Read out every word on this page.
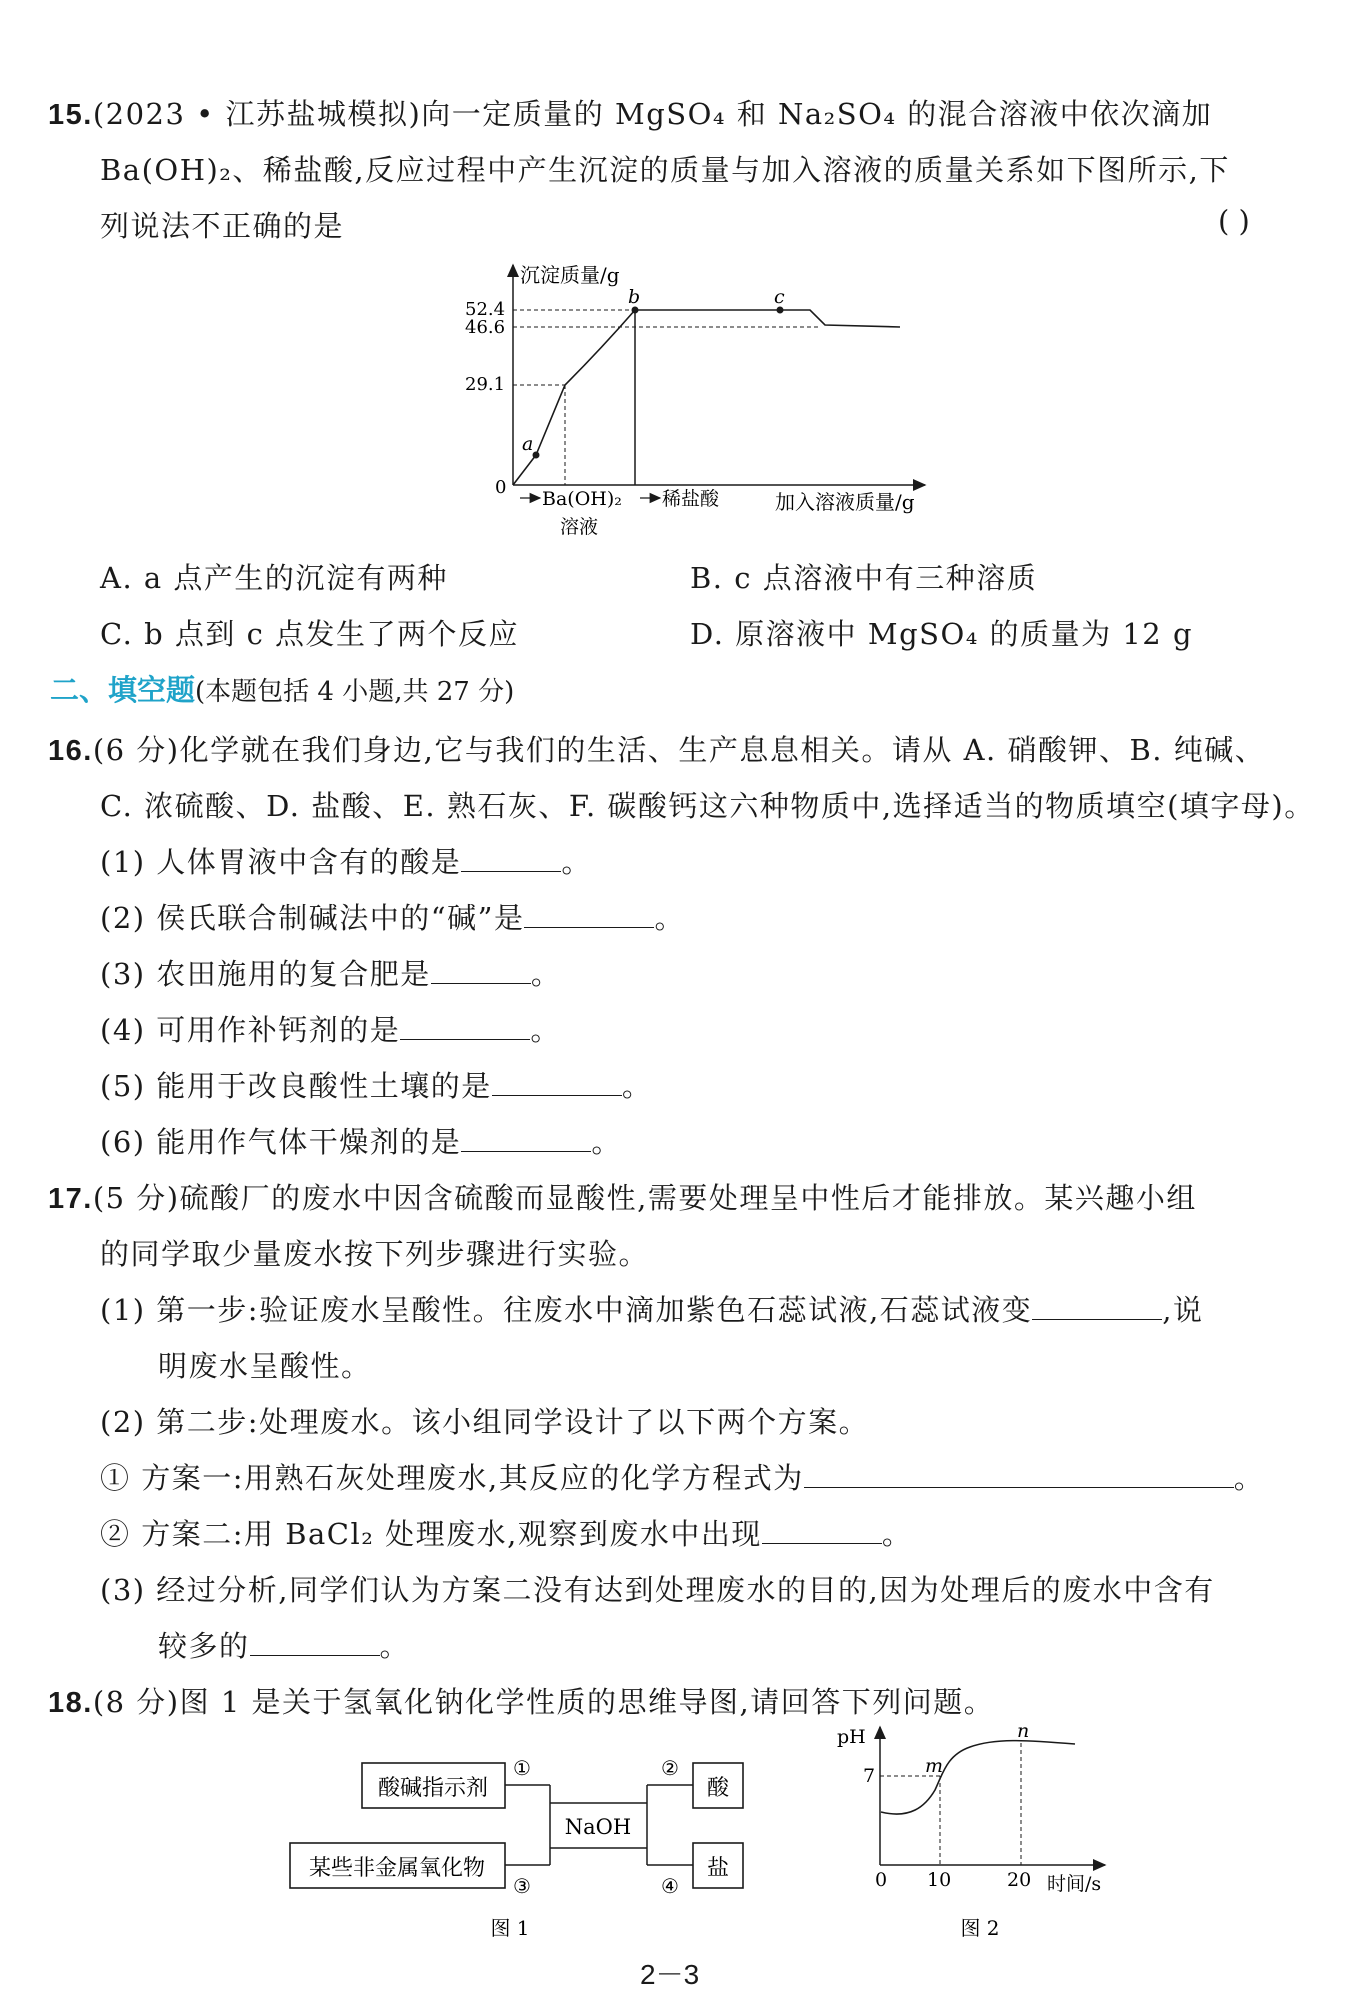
15.(2023 • 江苏盐城模拟)向一定质量的 MgSO₄ 和 Na₂SO₄ 的混合溶液中依次滴加
Ba(OH)₂、稀盐酸,反应过程中产生沉淀的质量与加入溶液的质量关系如下图所示,下
列说法不正确的是	( )
沉淀质量/g
加入溶液质量/g
0
52.4
46.6
29.1
a
b	c
Ba(OH)₂
溶液
稀盐酸
A. a 点产生的沉淀有两种	B. c 点溶液中有三种溶质
C. b 点到 c 点发生了两个反应	D. 原溶液中 MgSO₄ 的质量为 12 g
二、填空题(本题包括 4 小题,共 27 分)
16.(6 分)化学就在我们身边,它与我们的生活、生产息息相关。请从 A. 硝酸钾、B. 纯碱、
C. 浓硫酸、D. 盐酸、E. 熟石灰、F. 碳酸钙这六种物质中,选择适当的物质填空(填字母)。
(1) 人体胃液中含有的酸是	。
(2) 侯氏联合制碱法中的“碱”是	。
(3) 农田施用的复合肥是	。
(4) 可用作补钙剂的是	。
(5) 能用于改良酸性土壤的是	。
(6) 能用作气体干燥剂的是	。
17.(5 分)硫酸厂的废水中因含硫酸而显酸性,需要处理呈中性后才能排放。某兴趣小组
的同学取少量废水按下列步骤进行实验。
(1) 第一步:验证废水呈酸性。往废水中滴加紫色石蕊试液,石蕊试液变	,说
明废水呈酸性。
(2) 第二步:处理废水。该小组同学设计了以下两个方案。
① 方案一:用熟石灰处理废水,其反应的化学方程式为	。
② 方案二:用 BaCl₂ 处理废水,观察到废水中出现	。
(3) 经过分析,同学们认为方案二没有达到处理废水的目的,因为处理后的废水中含有
较多的	。
18.(8 分)图 1 是关于氢氧化钠化学性质的思维导图,请回答下列问题。
酸碱指示剂
某些非金属氧化物
酸
盐
NaOH
①	②
③	④
图 1
pH
时间/s
7
0 10	20
m
n
图 2
2－3
